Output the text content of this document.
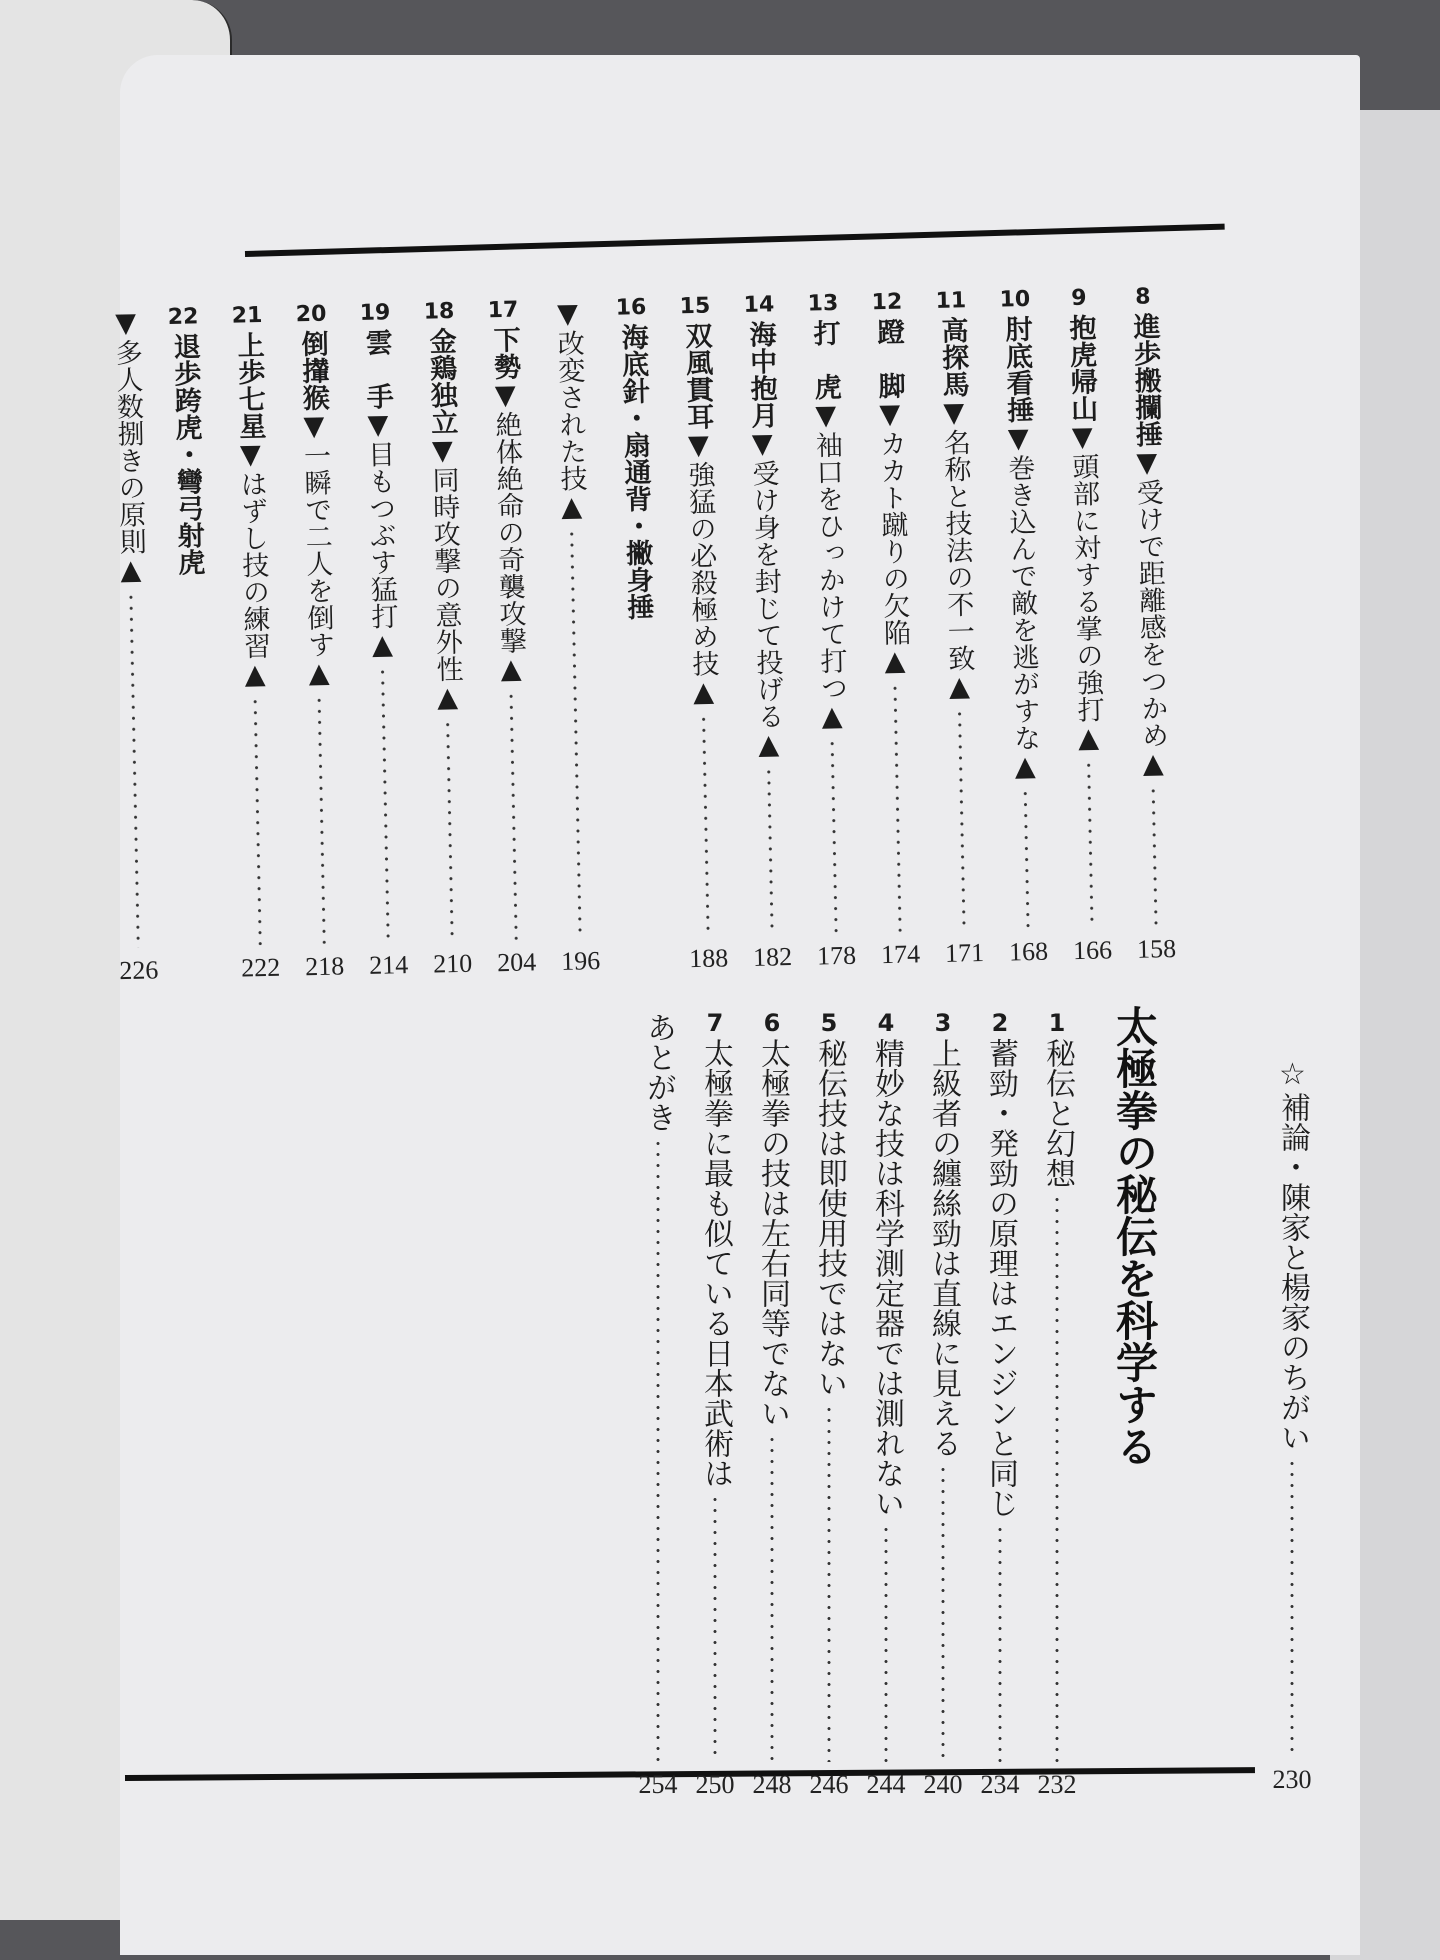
8
進歩搬攔捶▼受けで距離感をつかめ▲
158
9
抱虎帰山▼頭部に対する掌の強打▲
166
10
肘底看捶▼巻き込んで敵を逃がすな▲
168
11
高探馬▼名称と技法の不一致▲
171
12
蹬　脚▼カカト蹴りの欠陥▲
174
13
打　虎▼袖口をひっかけて打つ▲
178
14
海中抱月▼受け身を封じて投げる▲
182
15
双風貫耳▼強猛の必殺極め技▲
188
16
海底針・扇通背・撇身捶
▼改変された技▲
196
17
下勢▼絶体絶命の奇襲攻撃▲
204
18
金鶏独立▼同時攻撃の意外性▲
210
19
雲　手▼目もつぶす猛打▲
214
20
倒攆猴▼一瞬で二人を倒す▲
218
21
上歩七星▼はずし技の練習▲
222
22
退歩跨虎・彎弓射虎
▼多人数捌きの原則▲
226
太極拳の秘伝を科学する	☆補論・陳家と楊家のちがい
230
1
秘伝と幻想
232
2
蓄勁・発勁の原理はエンジンと同じ
234
3
上級者の纏絲勁は直線に見える
240
4
精妙な技は科学測定器では測れない
244
5
秘伝技は即使用技ではない
246
6
太極拳の技は左右同等でない
248
7
太極拳に最も似ている日本武術は
250
あとがき
254
